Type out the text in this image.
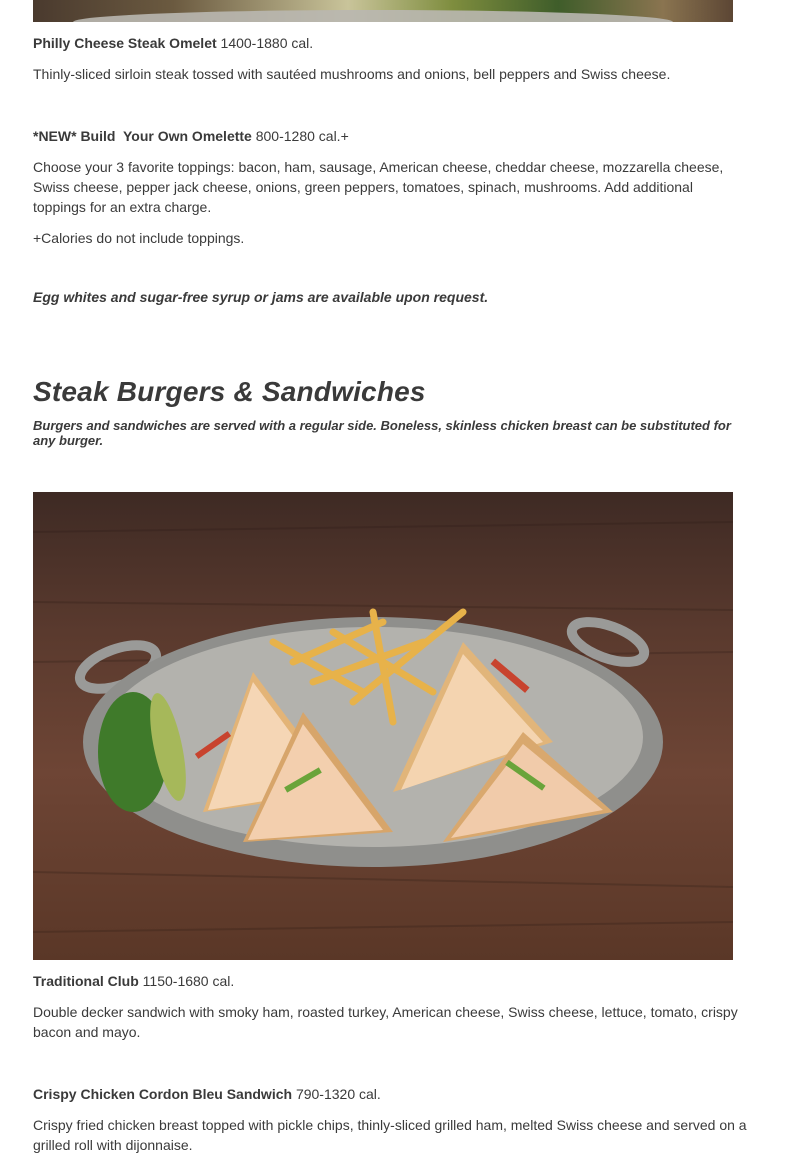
Philly Cheese Steak Omelet 1400-1880 cal.
Thinly-sliced sirloin steak tossed with sautéed mushrooms and onions, bell peppers and Swiss cheese.
*NEW* Build  Your Own Omelette 800-1280 cal.+
Choose your 3 favorite toppings: bacon, ham, sausage, American cheese, cheddar cheese, mozzarella cheese, Swiss cheese, pepper jack cheese, onions, green peppers, tomatoes, spinach, mushrooms. Add additional toppings for an extra charge.
+Calories do not include toppings.
Egg whites and sugar-free syrup or jams are available upon request.
Steak Burgers & Sandwiches
Burgers and sandwiches are served with a regular side. Boneless, skinless chicken breast can be substituted for any burger.
Traditional Club 1150-1680 cal.
Double decker sandwich with smoky ham, roasted turkey, American cheese, Swiss cheese, lettuce, tomato, crispy bacon and mayo.
Crispy Chicken Cordon Bleu Sandwich 790-1320 cal.
Crispy fried chicken breast topped with pickle chips, thinly-sliced grilled ham, melted Swiss cheese and served on a grilled roll with dijonnaise.
